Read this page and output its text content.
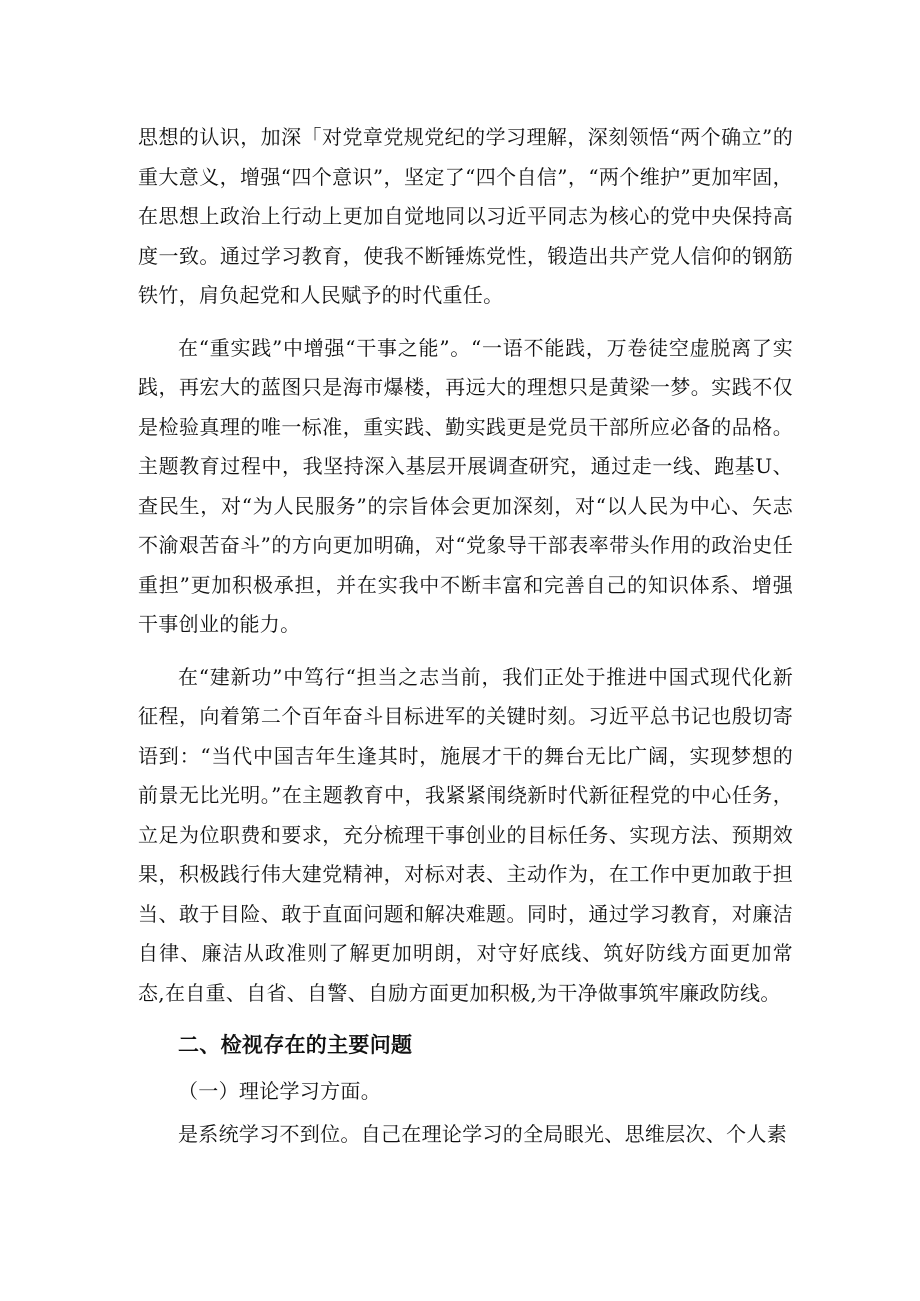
思想的认识，加深「对党章党规党纪的学习理解，深刻领悟“两个确立”的重大意义，增强“四个意识”，坚定了“四个自信”，“两个维护”更加牢固，在思想上政治上行动上更加自觉地同以习近平同志为核心的党中央保持高度一致。通过学习教育，使我不断锤炼党性，锻造出共产党人信仰的钢筋铁竹，肩负起党和人民赋予的时代重任。

在“重实践”中增强“干事之能”。“一语不能践，万卷徒空虚脱离了实践，再宏大的蓝图只是海市爆楼，再远大的理想只是黄梁一梦。实践不仅是检验真理的唯一标准，重实践、勤实践更是党员干部所应必备的品格。主题教育过程中，我坚持深入基层开展调查研究，通过走一线、跑基U、查民生，对“为人民服务”的宗旨体会更加深刻，对“以人民为中心、矢志不渝艰苦奋斗”的方向更加明确，对“党象导干部表率带头作用的政治史任重担”更加积极承担，并在实我中不断丰富和完善自己的知识体系、增强干事创业的能力。

在“建新功”中笃行“担当之志当前，我们正处于推进中国式现代化新征程，向着第二个百年奋斗目标进军的关键时刻。习近平总书记也殷切寄语到：“当代中国吉年生逢其时，施展才干的舞台无比广阔，实现梦想的前景无比光明。”在主题教育中，我紧紧闱绕新时代新征程党的中心任务，立足为位职费和要求，充分梳理干事创业的目标任务、实现方法、预期效果，积极践行伟大建党精神，对标对表、主动作为，在工作中更加敢于担当、敢于目险、敢于直面问题和解决难题。同时，通过学习教育，对廉洁自律、廉洁从政准则了解更加明朗，对守好底线、筑好防线方面更加常态,在自重、自省、自警、自励方面更加积极,为干净做事筑牢廉政防线。

二、检视存在的主要问题

（一）理论学习方面。

是系统学习不到位。自己在理论学习的全局眼光、思维层次、个人素
